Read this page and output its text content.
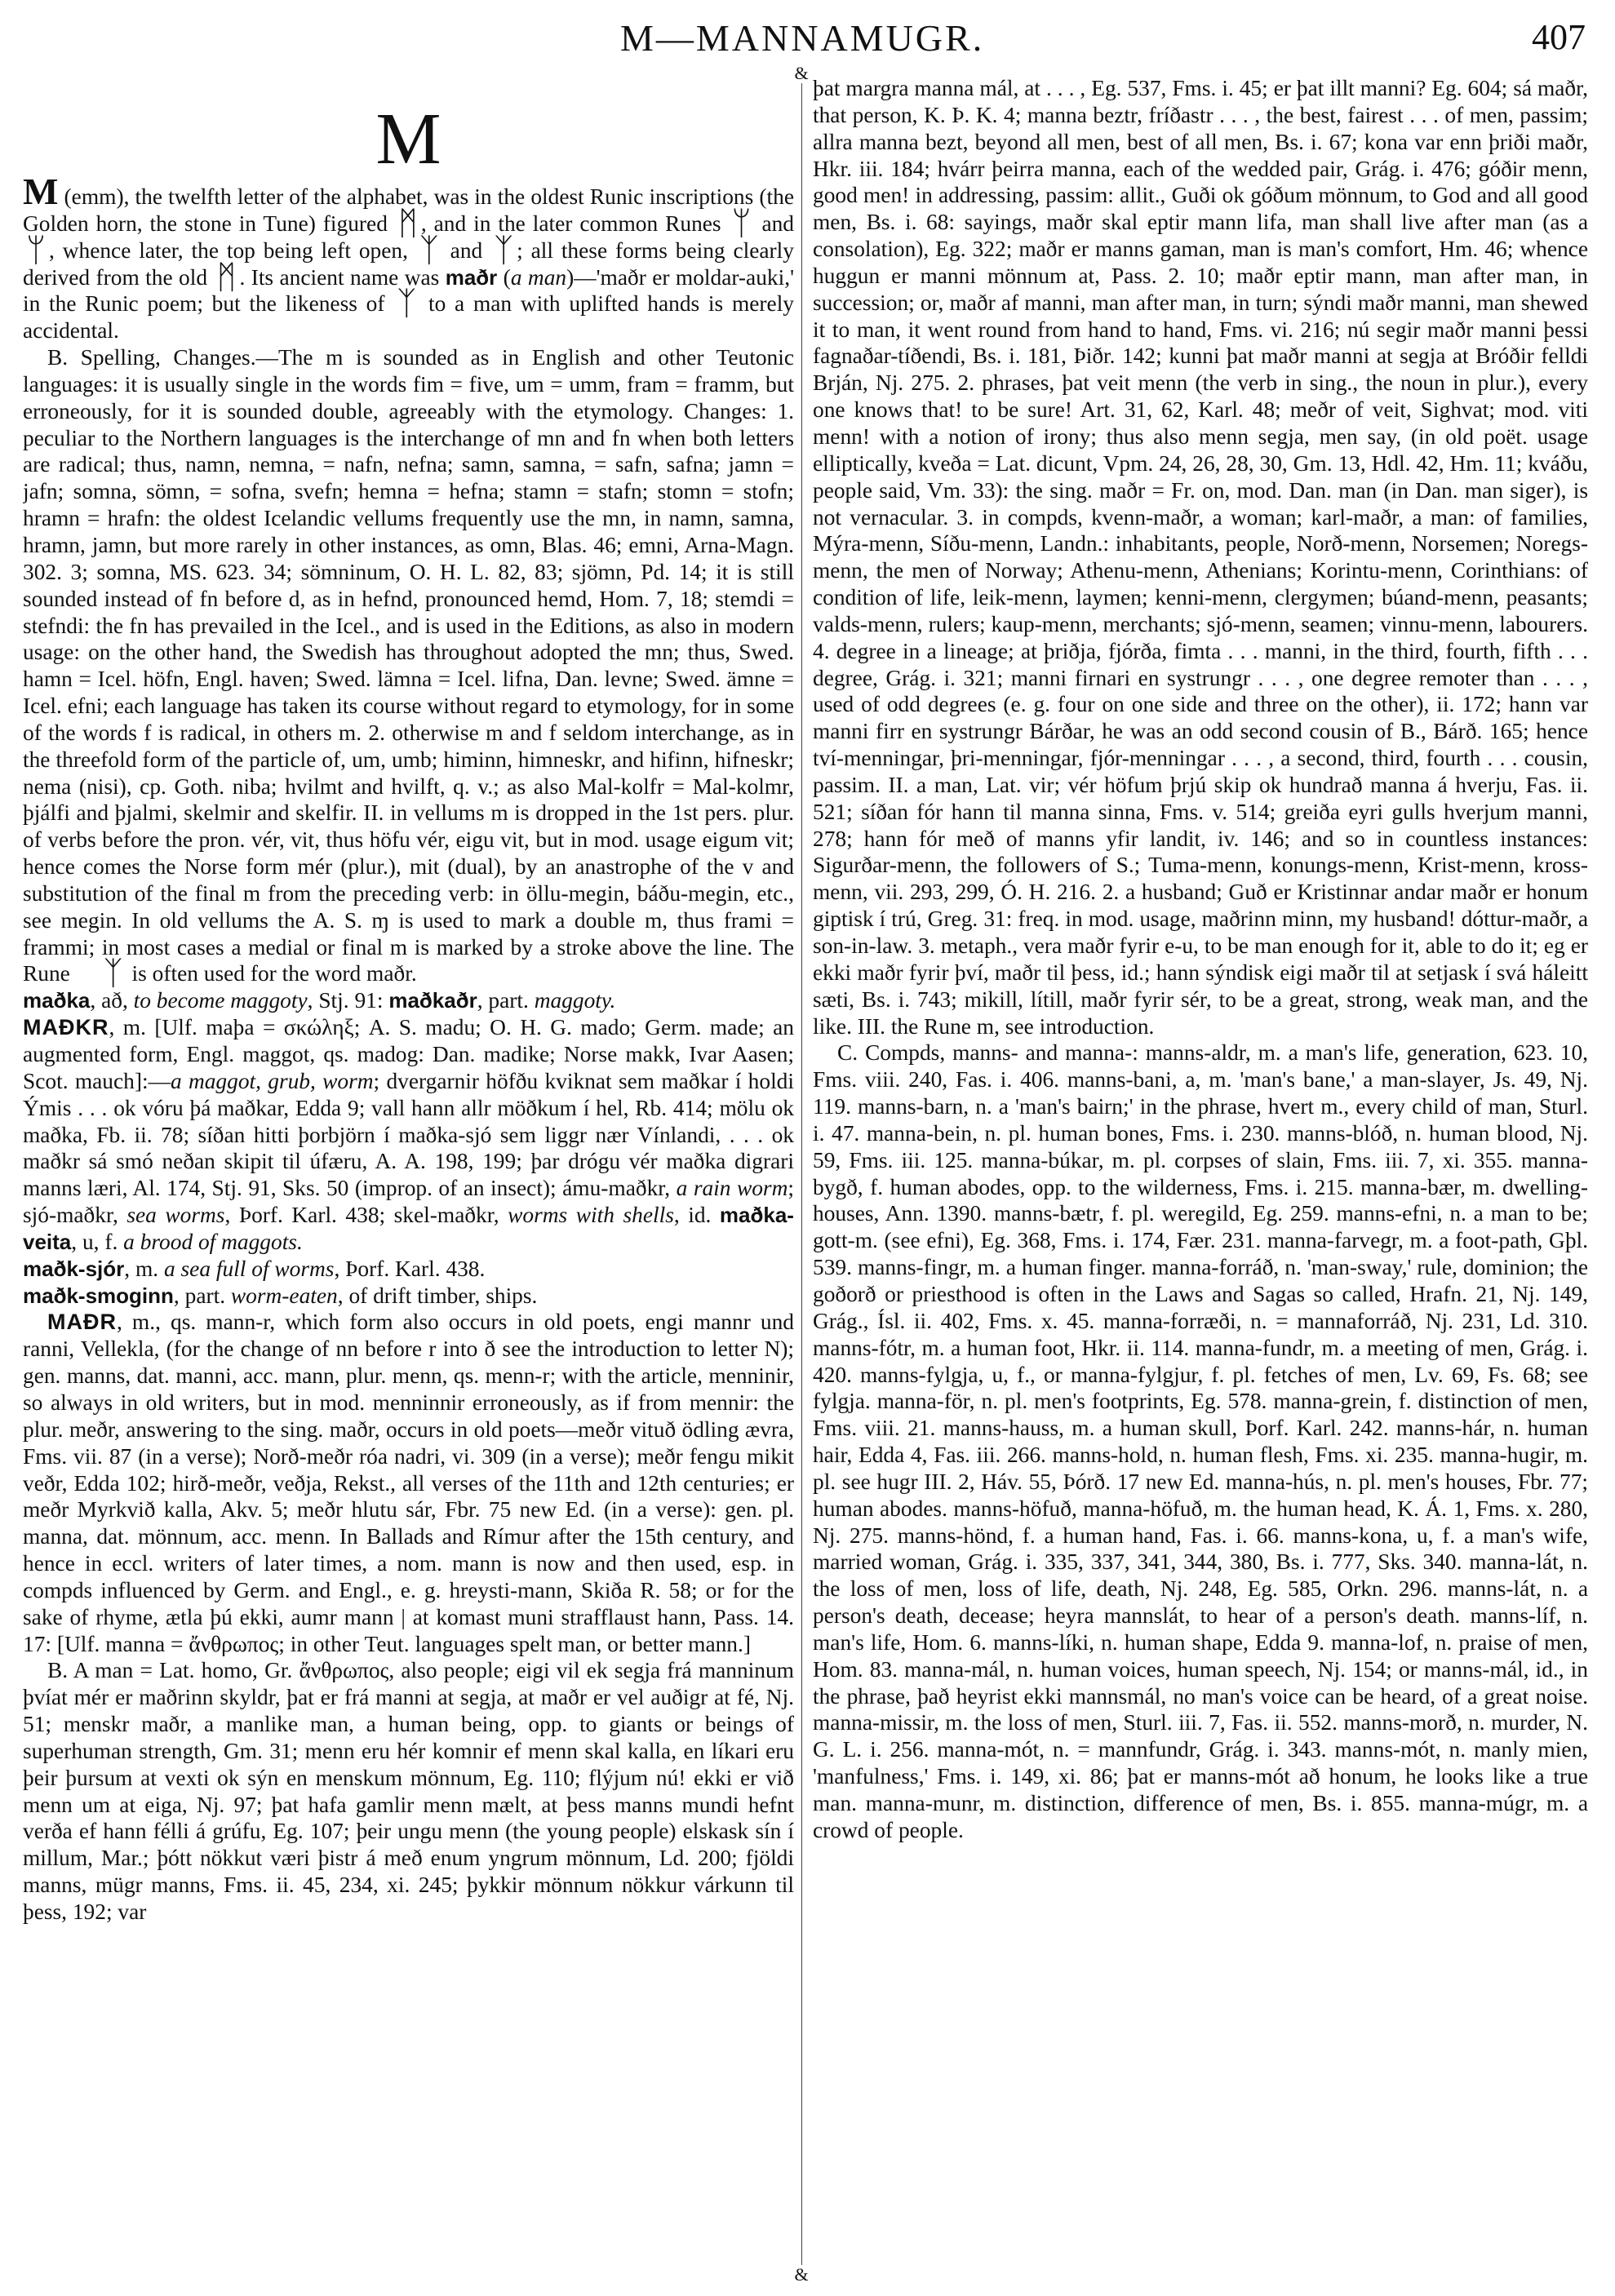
M—MANNAMUGR.	407
&
&
M

M (emm), the twelfth letter of the alphabet, was in the oldest Runic inscriptions (the Golden horn, the stone in Tune) figured ᛗ , and in the later common Runes ᛘ and ᛘ , whence later, the top being left open, ᛉ and ᛉ ; all these forms being clearly derived from the old ᛗ . Its ancient name was maðr (a man)—'maðr er moldar-auki,' in the Runic poem; but the likeness of ᛉ to a man with uplifted hands is merely accidental.

B. Spelling, Changes.—The m is sounded as in English and other Teutonic languages: it is usually single in the words fim = five, um = umm, fram = framm, but erroneously, for it is sounded double, agreeably with the etymology. Changes: 1. peculiar to the Northern languages is the interchange of mn and fn when both letters are radical; thus, namn, nemna, = nafn, nefna; samn, samna, = safn, safna; jamn = jafn; somna, sömn, = sofna, svefn; hemna = hefna; stamn = stafn; stomn = stofn; hramn = hrafn: the oldest Icelandic vellums frequently use the mn, in namn, samna, hramn, jamn, but more rarely in other instances, as omn, Blas. 46; emni, Arna-Magn. 302. 3; somna, MS. 623. 34; sömninum, O. H. L. 82, 83; sjömn, Pd. 14; it is still sounded instead of fn before d, as in hefnd, pronounced hemd, Hom. 7, 18; stemdi = stefndi: the fn has prevailed in the Icel., and is used in the Editions, as also in modern usage: on the other hand, the Swedish has throughout adopted the mn; thus, Swed. hamn = Icel. höfn, Engl. haven; Swed. lämna = Icel. lifna, Dan. levne; Swed. ämne = Icel. efni; each language has taken its course without regard to etymology, for in some of the words f is radical, in others m. 2. otherwise m and f seldom interchange, as in the threefold form of the particle of, um, umb; himinn, himneskr, and hifinn, hifneskr; nema (nisi), cp. Goth. niba; hvilmt and hvilft, q. v.; as also Mal-kolfr = Mal-kolmr, þjálfi and þjalmi, skelmir and skelfir. II. in vellums m is dropped in the 1st pers. plur. of verbs before the pron. vér, vit, thus höfu vér, eigu vit, but in mod. usage eigum vit; hence comes the Norse form mér (plur.), mit (dual), by an anastrophe of the v and substitution of the final m from the preceding verb: in öllu-megin, báðu-megin, etc., see megin. In old vellums the A. S. ɱ is used to mark a double m, thus frami = frammi; in most cases a medial or final m is marked by a stroke above the line. The Rune ᛉ is often used for the word maðr.

maðka, að, to become maggoty, Stj. 91: maðkaðr, part. maggoty.

MAÐKR, m. [Ulf. maþa = σκώληξ; A. S. madu; O. H. G. mado; Germ. made; an augmented form, Engl. maggot, qs. madog: Dan. madike; Norse makk, Ivar Aasen; Scot. mauch]:—a maggot, grub, worm; dvergarnir höfðu kviknat sem maðkar í holdi Ýmis . . . ok vóru þá maðkar, Edda 9; vall hann allr möðkum í hel, Rb. 414; mölu ok maðka, Fb. ii. 78; síðan hitti þorbjörn í maðka-sjó sem liggr nær Vínlandi, . . . ok maðkr sá smó neðan skipit til úfæru, A. A. 198, 199; þar drógu vér maðka digrari manns læri, Al. 174, Stj. 91, Sks. 50 (improp. of an insect); ámu-maðkr, a rain worm; sjó-maðkr, sea worms, Þorf. Karl. 438; skel-maðkr, worms with shells, id. maðka-veita, u, f. a brood of maggots.

maðk-sjór, m. a sea full of worms, Þorf. Karl. 438.

maðk-smoginn, part. worm-eaten, of drift timber, ships.

MAÐR, m., qs. mann-r, which form also occurs in old poets, engi mannr und ranni, Vellekla, (for the change of nn before r into ð see the introduction to letter N); gen. manns, dat. manni, acc. mann, plur. menn, qs. menn-r; with the article, menninir, so always in old writers, but in mod. menninnir erroneously, as if from mennir: the plur. meðr, answering to the sing. maðr, occurs in old poets—meðr vituð ödling ævra, Fms. vii. 87 (in a verse); Norð-meðr róa nadri, vi. 309 (in a verse); meðr fengu mikit veðr, Edda 102; hirð-meðr, veðja, Rekst., all verses of the 11th and 12th centuries; er meðr Myrkvið kalla, Akv. 5; meðr hlutu sár, Fbr. 75 new Ed. (in a verse): gen. pl. manna, dat. mönnum, acc. menn. In Ballads and Rímur after the 15th century, and hence in eccl. writers of later times, a nom. mann is now and then used, esp. in compds influenced by Germ. and Engl., e. g. hreysti-mann, Skiða R. 58; or for the sake of rhyme, ætla þú ekki, aumr mann | at komast muni strafflaust hann, Pass. 14. 17: [Ulf. manna = ἄνθρωπος; in other Teut. languages spelt man, or better mann.]

B. A man = Lat. homo, Gr. ἄνθρωπος, also people; eigi vil ek segja frá manninum þvíat mér er maðrinn skyldr, þat er frá manni at segja, at maðr er vel auðigr at fé, Nj. 51; menskr maðr, a manlike man, a human being, opp. to giants or beings of superhuman strength, Gm. 31; menn eru hér komnir ef menn skal kalla, en líkari eru þeir þursum at vexti ok sýn en menskum mönnum, Eg. 110; flýjum nú! ekki er við menn um at eiga, Nj. 97; þat hafa gamlir menn mælt, at þess manns mundi hefnt verða ef hann félli á grúfu, Eg. 107; þeir ungu menn (the young people) elskask sín í millum, Mar.; þótt nökkut væri þistr á með enum yngrum mönnum, Ld. 200; fjöldi manns, mügr manns, Fms. ii. 45, 234, xi. 245; þykkir mönnum nökkur várkunn til þess, 192; var

þat margra manna mál, at . . . , Eg. 537, Fms. i. 45; er þat illt manni? Eg. 604; sá maðr, that person, K. Þ. K. 4; manna beztr, fríðastr . . . , the best, fairest . . . of men, passim; allra manna bezt, beyond all men, best of all men, Bs. i. 67; kona var enn þriði maðr, Hkr. iii. 184; hvárr þeirra manna, each of the wedded pair, Grág. i. 476; góðir menn, good men! in addressing, passim: allit., Guði ok góðum mönnum, to God and all good men, Bs. i. 68: sayings, maðr skal eptir mann lifa, man shall live after man (as a consolation), Eg. 322; maðr er manns gaman, man is man's comfort, Hm. 46; whence huggun er manni mönnum at, Pass. 2. 10; maðr eptir mann, man after man, in succession; or, maðr af manni, man after man, in turn; sýndi maðr manni, man shewed it to man, it went round from hand to hand, Fms. vi. 216; nú segir maðr manni þessi fagnaðar-tíðendi, Bs. i. 181, Þiðr. 142; kunni þat maðr manni at segja at Bróðir felldi Brján, Nj. 275. 2. phrases, þat veit menn (the verb in sing., the noun in plur.), every one knows that! to be sure! Art. 31, 62, Karl. 48; meðr of veit, Sighvat; mod. viti menn! with a notion of irony; thus also menn segja, men say, (in old poët. usage elliptically, kveða = Lat. dicunt, Vpm. 24, 26, 28, 30, Gm. 13, Hdl. 42, Hm. 11; kváðu, people said, Vm. 33): the sing. maðr = Fr. on, mod. Dan. man (in Dan. man siger), is not vernacular. 3. in compds, kvenn-maðr, a woman; karl-maðr, a man: of families, Mýra-menn, Síðu-menn, Landn.: inhabitants, people, Norð-menn, Norsemen; Noregs-menn, the men of Norway; Athenu-menn, Athenians; Korintu-menn, Corinthians: of condition of life, leik-menn, laymen; kenni-menn, clergymen; búand-menn, peasants; valds-menn, rulers; kaup-menn, merchants; sjó-menn, seamen; vinnu-menn, labourers. 4. degree in a lineage; at þriðja, fjórða, fimta . . . manni, in the third, fourth, fifth . . . degree, Grág. i. 321; manni firnari en systrungr . . . , one degree remoter than . . . , used of odd degrees (e. g. four on one side and three on the other), ii. 172; hann var manni firr en systrungr Bárðar, he was an odd second cousin of B., Bárð. 165; hence tví-menningar, þri-menningar, fjór-menningar . . . , a second, third, fourth . . . cousin, passim. II. a man, Lat. vir; vér höfum þrjú skip ok hundrað manna á hverju, Fas. ii. 521; síðan fór hann til manna sinna, Fms. v. 514; greiða eyri gulls hverjum manni, 278; hann fór með of manns yfir landit, iv. 146; and so in countless instances: Sigurðar-menn, the followers of S.; Tuma-menn, konungs-menn, Krist-menn, kross-menn, vii. 293, 299, Ó. H. 216. 2. a husband; Guð er Kristinnar andar maðr er honum giptisk í trú, Greg. 31: freq. in mod. usage, maðrinn minn, my husband! dóttur-maðr, a son-in-law. 3. metaph., vera maðr fyrir e-u, to be man enough for it, able to do it; eg er ekki maðr fyrir því, maðr til þess, id.; hann sýndisk eigi maðr til at setjask í svá háleitt sæti, Bs. i. 743; mikill, lítill, maðr fyrir sér, to be a great, strong, weak man, and the like. III. the Rune m, see introduction.

C. Compds, manns- and manna-: manns-aldr, m. a man's life, generation, 623. 10, Fms. viii. 240, Fas. i. 406. manns-bani, a, m. 'man's bane,' a man-slayer, Js. 49, Nj. 119. manns-barn, n. a 'man's bairn;' in the phrase, hvert m., every child of man, Sturl. i. 47. manna-bein, n. pl. human bones, Fms. i. 230. manns-blóð, n. human blood, Nj. 59, Fms. iii. 125. manna-búkar, m. pl. corpses of slain, Fms. iii. 7, xi. 355. manna-bygð, f. human abodes, opp. to the wilderness, Fms. i. 215. manna-bær, m. dwelling-houses, Ann. 1390. manns-bætr, f. pl. weregild, Eg. 259. manns-efni, n. a man to be; gott-m. (see efni), Eg. 368, Fms. i. 174, Fær. 231. manna-farvegr, m. a foot-path, Gþl. 539. manns-fingr, m. a human finger. manna-forráð, n. 'man-sway,' rule, dominion; the goðorð or priesthood is often in the Laws and Sagas so called, Hrafn. 21, Nj. 149, Grág., Ísl. ii. 402, Fms. x. 45. manna-forræði, n. = mannaforráð, Nj. 231, Ld. 310. manns-fótr, m. a human foot, Hkr. ii. 114. manna-fundr, m. a meeting of men, Grág. i. 420. manns-fylgja, u, f., or manna-fylgjur, f. pl. fetches of men, Lv. 69, Fs. 68; see fylgja. manna-för, n. pl. men's footprints, Eg. 578. manna-grein, f. distinction of men, Fms. viii. 21. manns-hauss, m. a human skull, Þorf. Karl. 242. manns-hár, n. human hair, Edda 4, Fas. iii. 266. manns-hold, n. human flesh, Fms. xi. 235. manna-hugir, m. pl. see hugr III. 2, Háv. 55, Þórð. 17 new Ed. manna-hús, n. pl. men's houses, Fbr. 77; human abodes. manns-höfuð, manna-höfuð, m. the human head, K. Á. 1, Fms. x. 280, Nj. 275. manns-hönd, f. a human hand, Fas. i. 66. manns-kona, u, f. a man's wife, married woman, Grág. i. 335, 337, 341, 344, 380, Bs. i. 777, Sks. 340. manna-lát, n. the loss of men, loss of life, death, Nj. 248, Eg. 585, Orkn. 296. manns-lát, n. a person's death, decease; heyra mannslát, to hear of a person's death. manns-líf, n. man's life, Hom. 6. manns-líki, n. human shape, Edda 9. manna-lof, n. praise of men, Hom. 83. manna-mál, n. human voices, human speech, Nj. 154; or manns-mál, id., in the phrase, það heyrist ekki mannsmál, no man's voice can be heard, of a great noise. manna-missir, m. the loss of men, Sturl. iii. 7, Fas. ii. 552. manns-morð, n. murder, N. G. L. i. 256. manna-mót, n. = mannfundr, Grág. i. 343. manns-mót, n. manly mien, 'manfulness,' Fms. i. 149, xi. 86; þat er manns-mót að honum, he looks like a true man. manna-munr, m. distinction, difference of men, Bs. i. 855. manna-múgr, m. a crowd of people.
